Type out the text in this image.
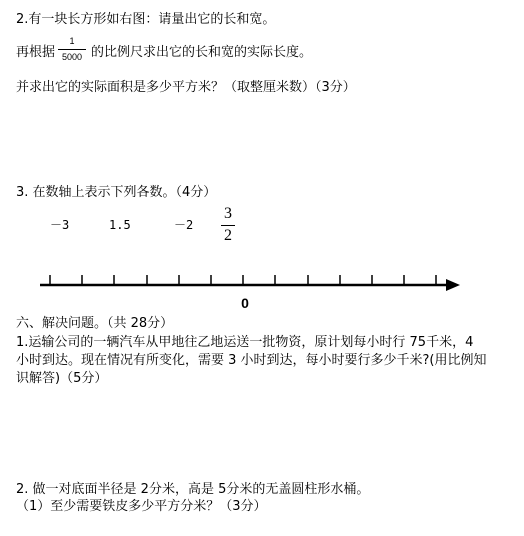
2.有一块长方形如右图：请量出它的长和宽。
再根据
1
5000 的比例尺求出它的长和宽的实际长度。
并求出它的实际面积是多少平方米？（取整厘米数）（3分）
3. 在数轴上表示下列各数。（4分）
－3	1.5	－2
3
2
0
六、解决问题。（共 28分）
1.运输公司的一辆汽车从甲地往乙地运送一批物资，原计划每小时行 75千米，4
小时到达。现在情况有所变化，需要 3 小时到达，每小时要行多少千米?(用比例知
识解答)（5分）
2. 做一对底面半径是 2分米，高是 5分米的无盖圆柱形水桶。
（1）至少需要铁皮多少平方分米？（3分）
